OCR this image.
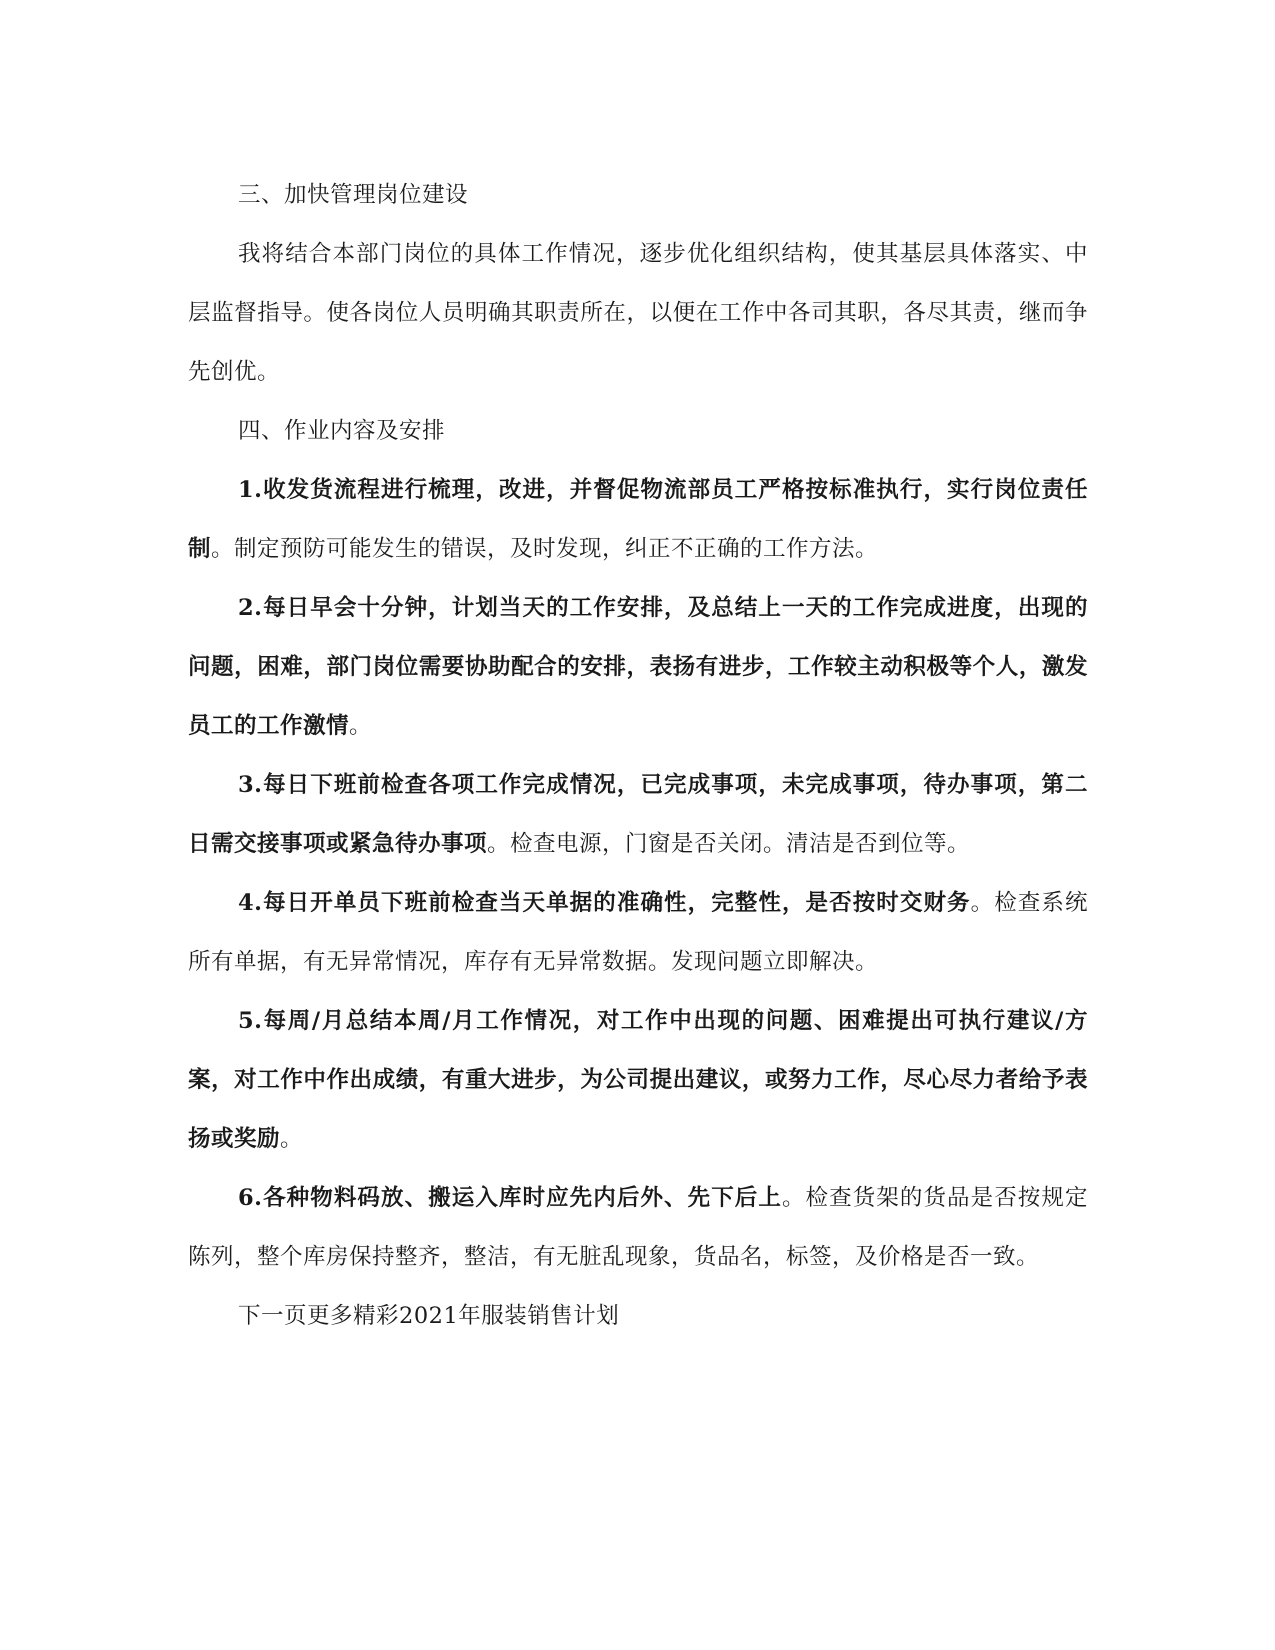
三、加快管理岗位建设

我将结合本部门岗位的具体工作情况，逐步优化组织结构，使其基层具体落实、中层监督指导。使各岗位人员明确其职责所在，以便在工作中各司其职，各尽其责，继而争先创优。

四、作业内容及安排

1.收发货流程进行梳理，改进，并督促物流部员工严格按标准执行，实行岗位责任制。制定预防可能发生的错误，及时发现，纠正不正确的工作方法。

2.每日早会十分钟，计划当天的工作安排，及总结上一天的工作完成进度，出现的问题，困难，部门岗位需要协助配合的安排，表扬有进步，工作较主动积极等个人，激发员工的工作激情。

3.每日下班前检查各项工作完成情况，已完成事项，未完成事项，待办事项，第二日需交接事项或紧急待办事项。检查电源，门窗是否关闭。清洁是否到位等。

4.每日开单员下班前检查当天单据的准确性，完整性，是否按时交财务。检查系统所有单据，有无异常情况，库存有无异常数据。发现问题立即解决。

5.每周/月总结本周/月工作情况，对工作中出现的问题、困难提出可执行建议/方案，对工作中作出成绩，有重大进步，为公司提出建议，或努力工作，尽心尽力者给予表扬或奖励。

6.各种物料码放、搬运入库时应先内后外、先下后上。检查货架的货品是否按规定陈列，整个库房保持整齐，整洁，有无脏乱现象，货品名，标签，及价格是否一致。

下一页更多精彩2021年服装销售计划
